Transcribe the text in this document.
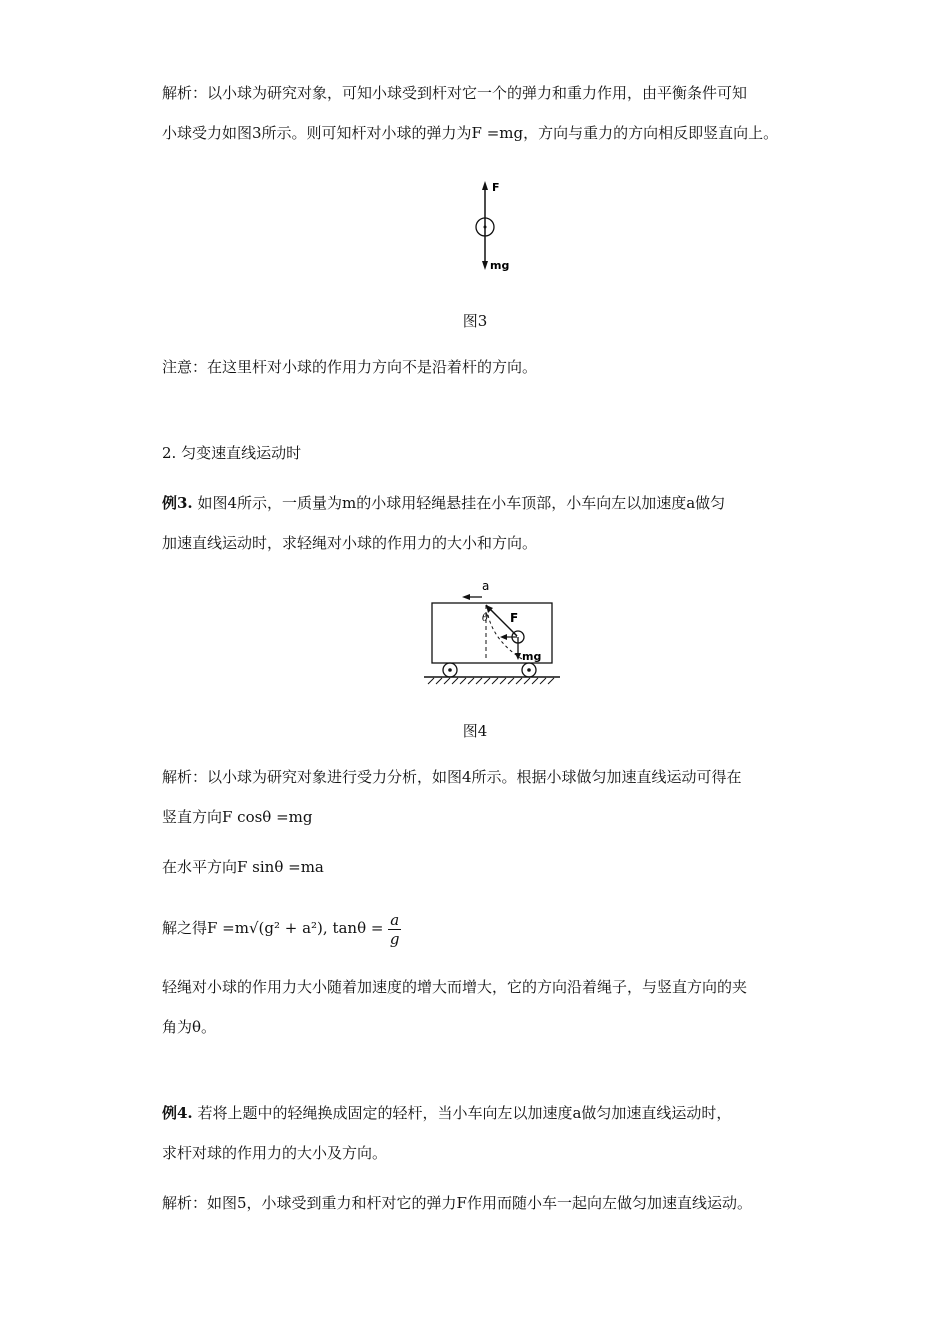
解析：以小球为研究对象，可知小球受到杆对它一个的弹力和重力作用，由平衡条件可知
小球受力如图3所示。则可知杆对小球的弹力为F =mg，方向与重力的方向相反即竖直向上。
F
mg
图3
注意：在这里杆对小球的作用力方向不是沿着杆的方向。
2. 匀变速直线运动时
例3. 如图4所示，一质量为m的小球用轻绳悬挂在小车顶部，小车向左以加速度a做匀
加速直线运动时，求轻绳对小球的作用力的大小和方向。
a
F
θ
mg
图4
解析：以小球为研究对象进行受力分析，如图4所示。根据小球做匀加速直线运动可得在
竖直方向F cosθ =mg
在水平方向F sinθ =ma
解之得F =m√(g² + a²), $\tan\theta = \frac{a}{g}$
轻绳对小球的作用力大小随着加速度的增大而增大，它的方向沿着绳子，与竖直方向的夹
角为θ。
例4. 若将上题中的轻绳换成固定的轻杆，当小车向左以加速度a做匀加速直线运动时，
求杆对球的作用力的大小及方向。
解析：如图5，小球受到重力和杆对它的弹力F作用而随小车一起向左做匀加速直线运动。
